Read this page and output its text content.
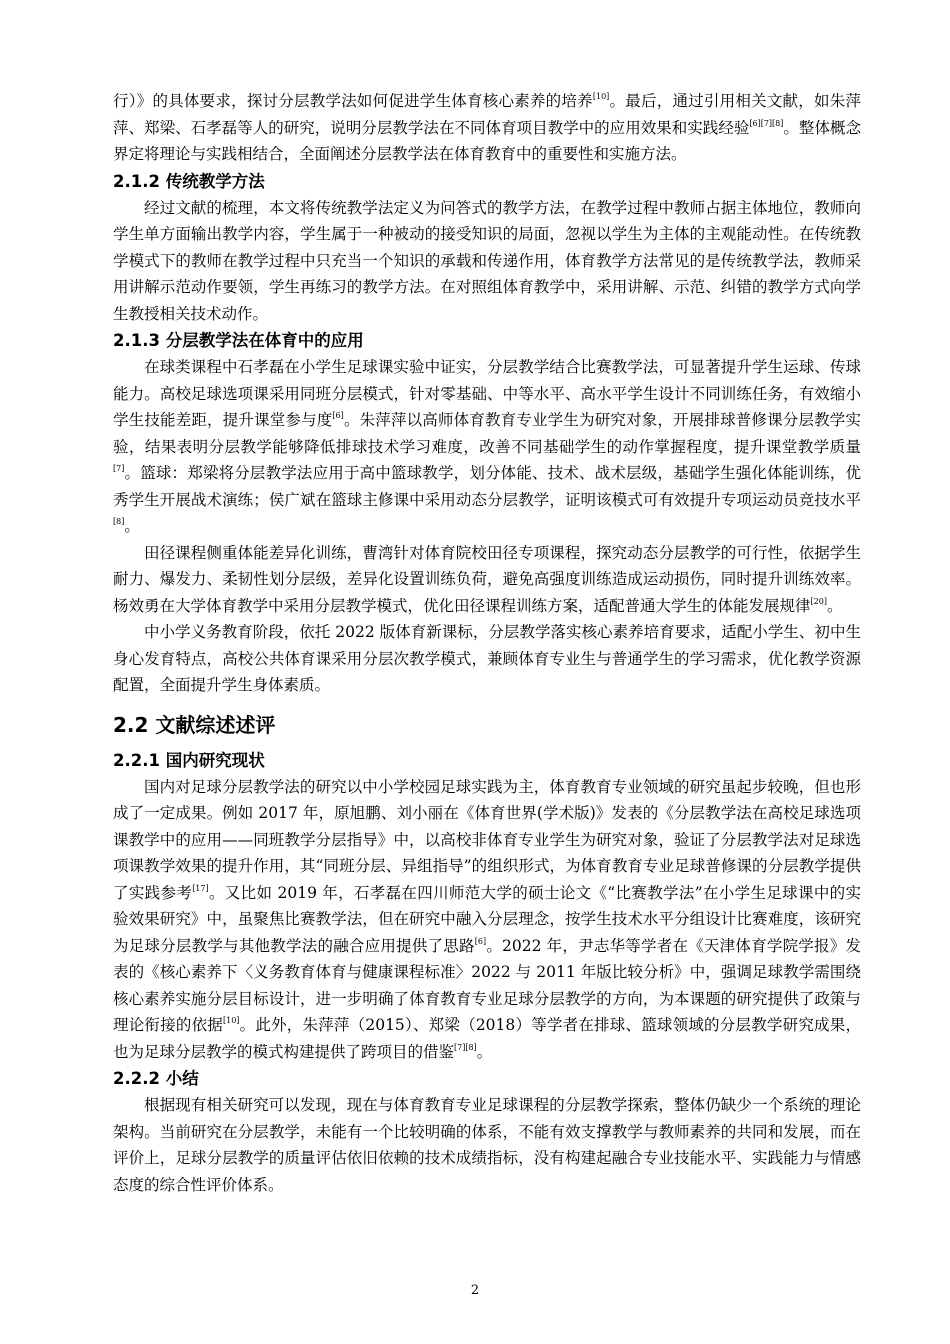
行）》的具体要求，探讨分层教学法如何促进学生体育核心素养的培养[10]。最后，通过引用相关文献，如朱萍萍、郑梁、石孝磊等人的研究，说明分层教学法在不同体育项目教学中的应用效果和实践经验[6][7][8]。整体概念界定将理论与实践相结合，全面阐述分层教学法在体育教育中的重要性和实施方法。

2.1.2 传统教学方法

经过文献的梳理，本文将传统教学法定义为问答式的教学方法，在教学过程中教师占据主体地位，教师向学生单方面输出教学内容，学生属于一种被动的接受知识的局面，忽视以学生为主体的主观能动性。在传统教学模式下的教师在教学过程中只充当一个知识的承载和传递作用，体育教学方法常见的是传统教学法，教师采用讲解示范动作要领，学生再练习的教学方法。在对照组体育教学中，采用讲解、示范、纠错的教学方式向学生教授相关技术动作。

2.1.3 分层教学法在体育中的应用

在球类课程中石孝磊在小学生足球课实验中证实，分层教学结合比赛教学法，可显著提升学生运球、传球能力。高校足球选项课采用同班分层模式，针对零基础、中等水平、高水平学生设计不同训练任务，有效缩小学生技能差距，提升课堂参与度[6]。朱萍萍以高师体育教育专业学生为研究对象，开展排球普修课分层教学实验，结果表明分层教学能够降低排球技术学习难度，改善不同基础学生的动作掌握程度，提升课堂教学质量[7]。篮球：郑梁将分层教学法应用于高中篮球教学，划分体能、技术、战术层级，基础学生强化体能训练，优秀学生开展战术演练；侯广斌在篮球主修课中采用动态分层教学，证明该模式可有效提升专项运动员竞技水平[8]。

田径课程侧重体能差异化训练，曹湾针对体育院校田径专项课程，探究动态分层教学的可行性，依据学生耐力、爆发力、柔韧性划分层级，差异化设置训练负荷，避免高强度训练造成运动损伤，同时提升训练效率。杨效勇在大学体育教学中采用分层教学模式，优化田径课程训练方案，适配普通大学生的体能发展规律[20]。

中小学义务教育阶段，依托 2022 版体育新课标，分层教学落实核心素养培育要求，适配小学生、初中生身心发育特点，高校公共体育课采用分层次教学模式，兼顾体育专业生与普通学生的学习需求，优化教学资源配置，全面提升学生身体素质。

2.2 文献综述述评
2.2.1 国内研究现状

国内对足球分层教学法的研究以中小学校园足球实践为主，体育教育专业领域的研究虽起步较晚，但也形成了一定成果。例如 2017 年，原旭鹏、刘小丽在《体育世界(学术版)》发表的《分层教学法在高校足球选项课教学中的应用——同班教学分层指导》中，以高校非体育专业学生为研究对象，验证了分层教学法对足球选项课教学效果的提升作用，其“同班分层、异组指导”的组织形式，为体育教育专业足球普修课的分层教学提供了实践参考[17]。又比如 2019 年，石孝磊在四川师范大学的硕士论文《“比赛教学法”在小学生足球课中的实验效果研究》中，虽聚焦比赛教学法，但在研究中融入分层理念，按学生技术水平分组设计比赛难度，该研究为足球分层教学与其他教学法的融合应用提供了思路[6]。2022 年，尹志华等学者在《天津体育学院学报》发表的《核心素养下〈义务教育体育与健康课程标准〉2022 与 2011 年版比较分析》中，强调足球教学需围绕核心素养实施分层目标设计，进一步明确了体育教育专业足球分层教学的方向，为本课题的研究提供了政策与理论衔接的依据[10]。此外，朱萍萍（2015）、郑梁（2018）等学者在排球、篮球领域的分层教学研究成果，也为足球分层教学的模式构建提供了跨项目的借鉴[7][8]。

2.2.2 小结

根据现有相关研究可以发现，现在与体育教育专业足球课程的分层教学探索，整体仍缺少一个系统的理论架构。当前研究在分层教学，未能有一个比较明确的体系，不能有效支撑教学与教师素养的共同和发展，而在评价上，足球分层教学的质量评估依旧依赖的技术成绩指标，没有构建起融合专业技能水平、实践能力与情感态度的综合性评价体系。

2
